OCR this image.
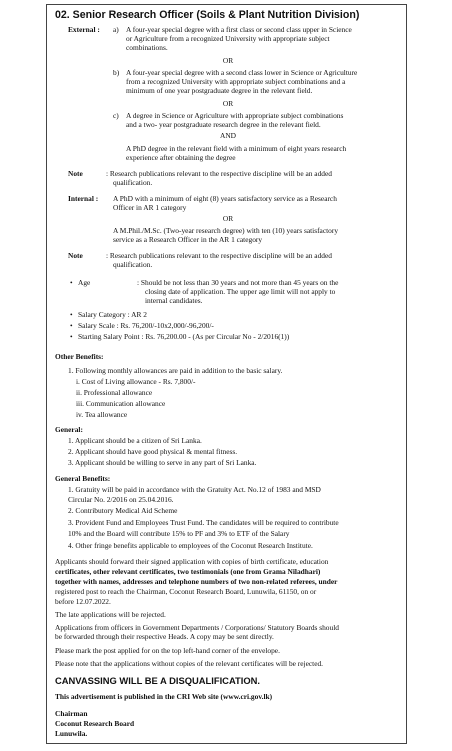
02. Senior Research Officer (Soils & Plant Nutrition Division)
External : a) A four-year special degree with a first class or second class upper in Science
or Agriculture from a recognized University with appropriate subject
combinations.
OR
b) A four-year special degree with a second class lower in Science or Agriculture
from a recognized University with appropriate subject combinations and a
minimum of one year postgraduate degree in the relevant field.
OR
c) A degree in Science or Agriculture with appropriate subject combinations
and a two- year postgraduate research degree in the relevant field.
AND
A PhD degree in the relevant field with a minimum of eight years research
experience after obtaining the degree
Note	: Research publications relevant to the respective discipline will be an added
qualification.
Internal : A PhD with a minimum of eight (8) years satisfactory service as a Research
Officer in AR 1 category
OR
A M.Phil./M.Sc. (Two-year research degree) with ten (10) years satisfactory
service as a Research Officer in the AR 1 category
Note	: Research publications relevant to the respective discipline will be an added
qualification.
• Age	: Should be not less than 30 years and not more than 45 years on the
closing date of application. The upper age limit will not apply to
internal candidates.
• Salary Category : AR 2
• Salary Scale : Rs. 76,200/-10x2,000/-96,200/-
• Starting Salary Point : Rs. 76,200.00 - (As per Circular No - 2/2016(1))
Other Benefits:
1. Following monthly allowances are paid in addition to the basic salary.
i. Cost of Living allowance - Rs. 7,800/-
ii. Professional allowance
iii. Communication allowance
iv. Tea allowance
General:
1. Applicant should be a citizen of Sri Lanka.
2. Applicant should have good physical & mental fitness.
3. Applicant should be willing to serve in any part of Sri Lanka.
General Benefits:
1. Gratuity will be paid in accordance with the Gratuity Act. No.12 of 1983 and MSD
Circular No. 2/2016 on 25.04.2016.
2. Contributory Medical Aid Scheme
3. Provident Fund and Employees Trust Fund. The candidates will be required to contribute
10% and the Board will contribute 15% to PF and 3% to ETF of the Salary
4. Other fringe benefits applicable to employees of the Coconut Research Institute.
Applicants should forward their signed application with copies of birth certificate, education
certificates, other relevant certificates, two testimonials (one from Grama Niladhari)
together with names, addresses and telephone numbers of two non-related referees, under
registered post to reach the Chairman, Coconut Research Board, Lunuwila, 61150, on or
before 12.07.2022.
The late applications will be rejected.
Applications from officers in Government Departments / Corporations/ Statutory Boards should
be forwarded through their respective Heads. A copy may be sent directly.
Please mark the post applied for on the top left-hand corner of the envelope.
Please note that the applications without copies of the relevant certificates will be rejected.
CANVASSING WILL BE A DISQUALIFICATION.
This advertisement is published in the CRI Web site (www.cri.gov.lk)
Chairman
Coconut Research Board
Lunuwila.
